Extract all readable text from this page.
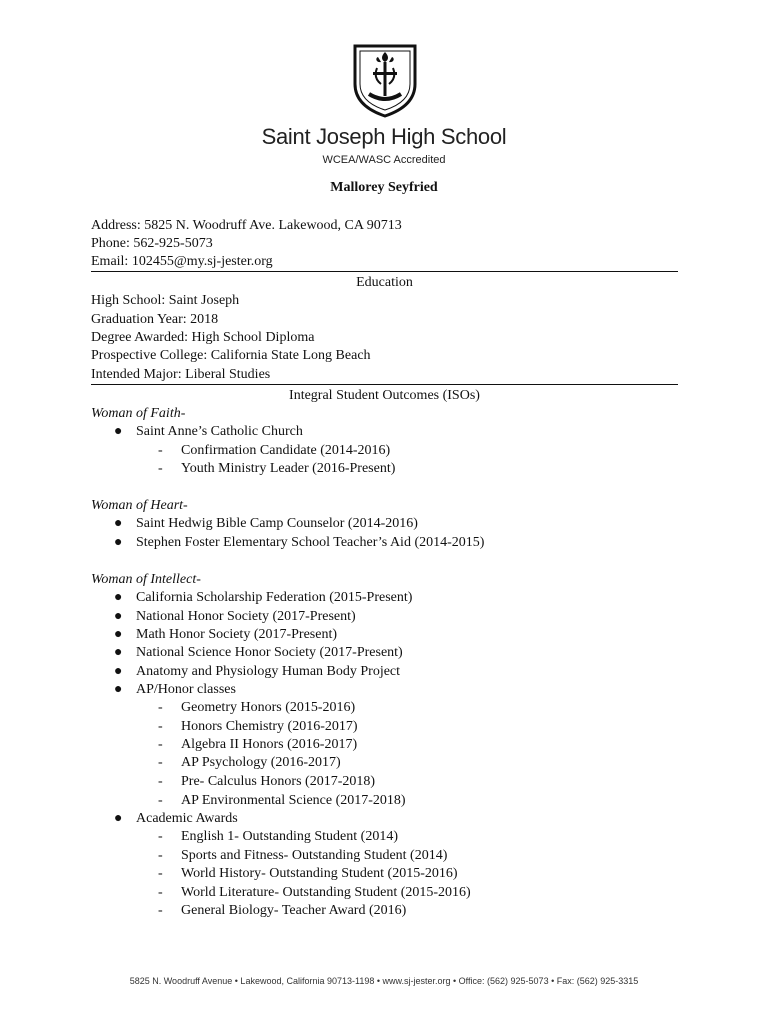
Saint Joseph High School
WCEA/WASC Accredited
Mallorey Seyfried
Address: 5825 N. Woodruff Ave. Lakewood, CA 90713
Phone: 562-925-5073
Email: 102455@my.sj-jester.org
Education
High School: Saint Joseph
Graduation Year: 2018
Degree Awarded: High School Diploma
Prospective College: California State Long Beach
Intended Major: Liberal Studies
Integral Student Outcomes (ISOs)
Woman of Faith-
● Saint Anne’s Catholic Church
- Confirmation Candidate (2014-2016)
- Youth Ministry Leader (2016-Present)
Woman of Heart-
● Saint Hedwig Bible Camp Counselor (2014-2016)
● Stephen Foster Elementary School Teacher’s Aid (2014-2015)
Woman of Intellect-
● California Scholarship Federation (2015-Present)
● National Honor Society (2017-Present)
● Math Honor Society (2017-Present)
● National Science Honor Society (2017-Present)
● Anatomy and Physiology Human Body Project
● AP/Honor classes
- Geometry Honors (2015-2016)
- Honors Chemistry (2016-2017)
- Algebra II Honors (2016-2017)
- AP Psychology (2016-2017)
- Pre- Calculus Honors (2017-2018)
- AP Environmental Science (2017-2018)
● Academic Awards
- English 1- Outstanding Student (2014)
- Sports and Fitness- Outstanding Student (2014)
- World History- Outstanding Student (2015-2016)
- World Literature- Outstanding Student (2015-2016)
- General Biology- Teacher Award (2016)
5825 N. Woodruff Avenue • Lakewood, California 90713-1198 • www.sj-jester.org • Office: (562) 925-5073 • Fax: (562) 925-3315
